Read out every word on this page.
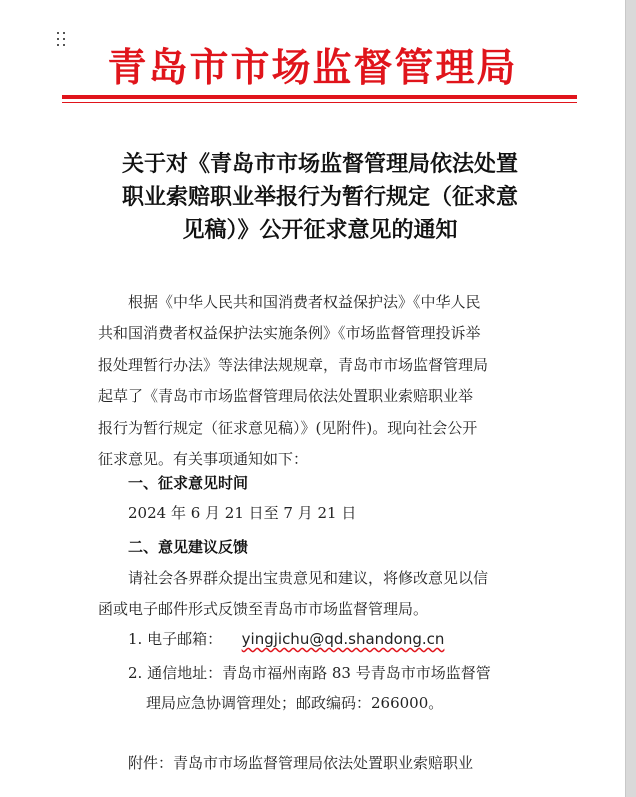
青岛市市场监督管理局
关于对《青岛市市场监督管理局依法处置
职业索赔职业举报行为暂行规定（征求意
见稿）》公开征求意见的通知
根据《中华人民共和国消费者权益保护法》《中华人民
共和国消费者权益保护法实施条例》《市场监督管理投诉举
报处理暂行办法》等法律法规规章，青岛市市场监督管理局
起草了《青岛市市场监督管理局依法处置职业索赔职业举
报行为暂行规定（征求意见稿）》(见附件)。现向社会公开
征求意见。有关事项通知如下：
一、征求意见时间
2024 年 6 月 21 日至 7 月 21 日
二、意见建议反馈
请社会各界群众提出宝贵意见和建议，将修改意见以信
函或电子邮件形式反馈至青岛市市场监督管理局。
1. 电子邮箱： yingjichu@qd.shandong.cn
2. 通信地址：青岛市福州南路 83 号青岛市市场监督管
理局应急协调管理处；邮政编码：266000。
附件：青岛市市场监督管理局依法处置职业索赔职业
